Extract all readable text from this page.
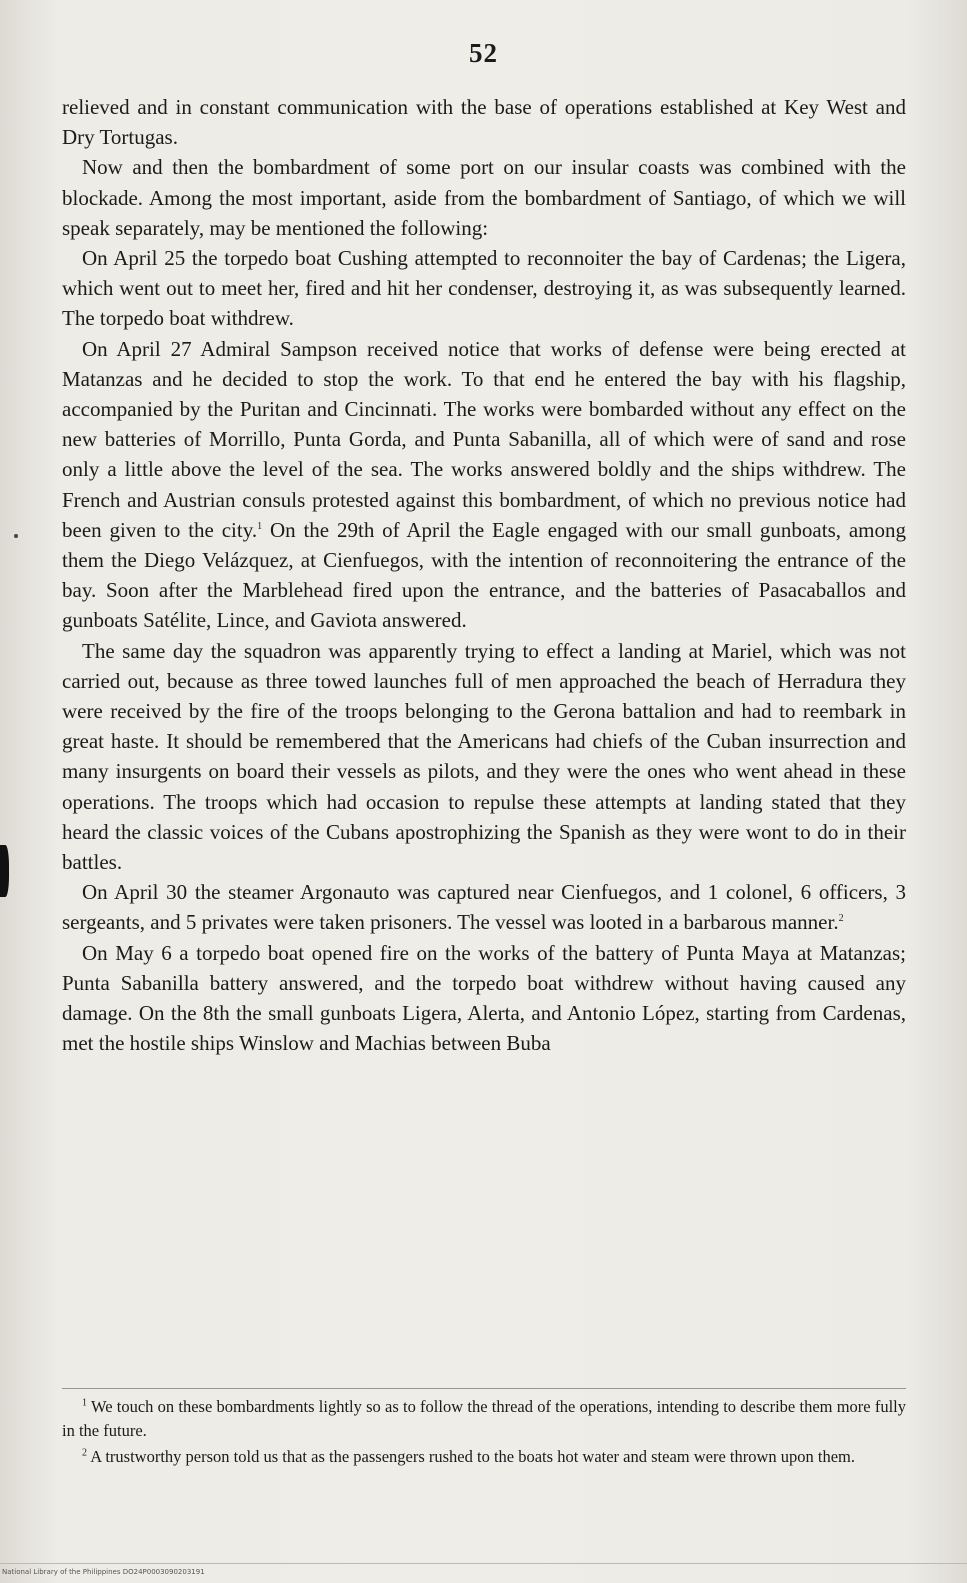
52

relieved and in constant communication with the base of operations established at Key West and Dry Tortugas.

Now and then the bombardment of some port on our insular coasts was combined with the blockade. Among the most important, aside from the bombardment of Santiago, of which we will speak separately, may be mentioned the following:

On April 25 the torpedo boat Cushing attempted to reconnoiter the bay of Cardenas; the Ligera, which went out to meet her, fired and hit her condenser, destroying it, as was subsequently learned. The torpedo boat withdrew.

On April 27 Admiral Sampson received notice that works of defense were being erected at Matanzas and he decided to stop the work. To that end he entered the bay with his flagship, accompanied by the Puritan and Cincinnati. The works were bombarded without any effect on the new batteries of Morrillo, Punta Gorda, and Punta Sabanilla, all of which were of sand and rose only a little above the level of the sea. The works answered boldly and the ships withdrew. The French and Austrian consuls protested against this bombardment, of which no previous notice had been given to the city.$^1$ On the 29th of April the Eagle engaged with our small gunboats, among them the Diego Velázquez, at Cienfuegos, with the intention of reconnoitering the entrance of the bay. Soon after the Marblehead fired upon the entrance, and the batteries of Pasacaballos and gunboats Satélite, Lince, and Gaviota answered.

The same day the squadron was apparently trying to effect a landing at Mariel, which was not carried out, because as three towed launches full of men approached the beach of Herradura they were received by the fire of the troops belonging to the Gerona battalion and had to reembark in great haste. It should be remembered that the Americans had chiefs of the Cuban insurrection and many insurgents on board their vessels as pilots, and they were the ones who went ahead in these operations. The troops which had occasion to repulse these attempts at landing stated that they heard the classic voices of the Cubans apostrophizing the Spanish as they were wont to do in their battles.

On April 30 the steamer Argonauto was captured near Cienfuegos, and 1 colonel, 6 officers, 3 sergeants, and 5 privates were taken prisoners. The vessel was looted in a barbarous manner.$^2$

On May 6 a torpedo boat opened fire on the works of the battery of Punta Maya at Matanzas; Punta Sabanilla battery answered, and the torpedo boat withdrew without having caused any damage. On the 8th the small gunboats Ligera, Alerta, and Antonio López, starting from Cardenas, met the hostile ships Winslow and Machias between Buba

$^1$ We touch on these bombardments lightly so as to follow the thread of the operations, intending to describe them more fully in the future.

$^2$ A trustworthy person told us that as the passengers rushed to the boats hot water and steam were thrown upon them.

National Library of the Philippines DO24P0003090203191
